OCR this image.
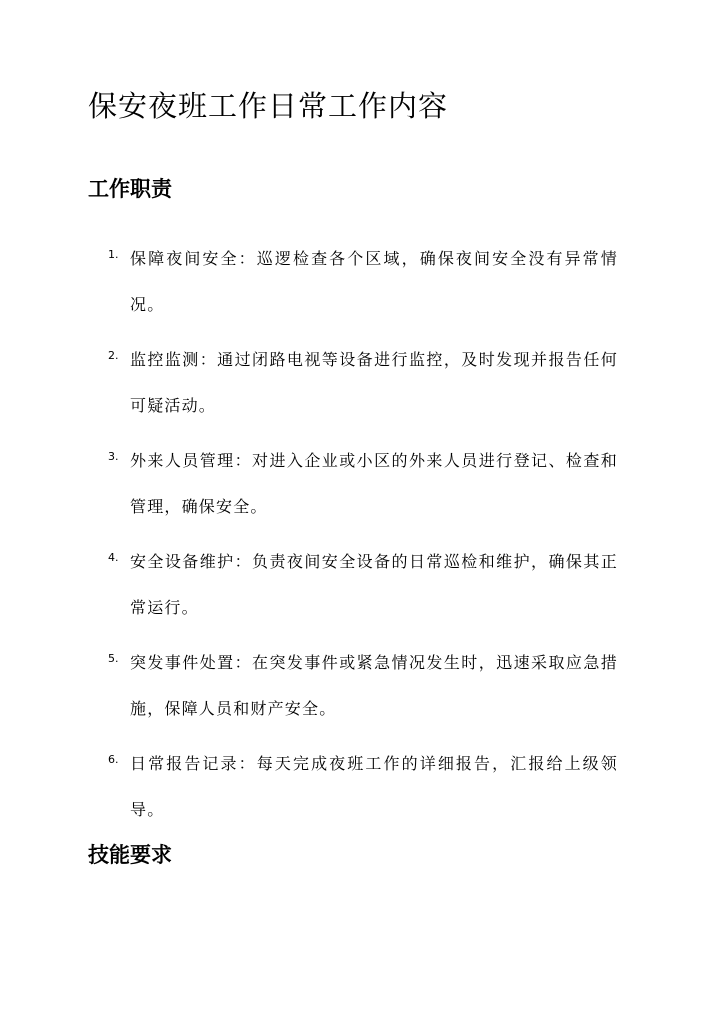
保安夜班工作日常工作内容
工作职责
1. 保障夜间安全：巡逻检查各个区域，确保夜间安全没有异常情况。
2. 监控监测：通过闭路电视等设备进行监控，及时发现并报告任何可疑活动。
3. 外来人员管理：对进入企业或小区的外来人员进行登记、检查和管理，确保安全。
4. 安全设备维护：负责夜间安全设备的日常巡检和维护，确保其正常运行。
5. 突发事件处置：在突发事件或紧急情况发生时，迅速采取应急措施，保障人员和财产安全。
6. 日常报告记录：每天完成夜班工作的详细报告，汇报给上级领导。
技能要求
